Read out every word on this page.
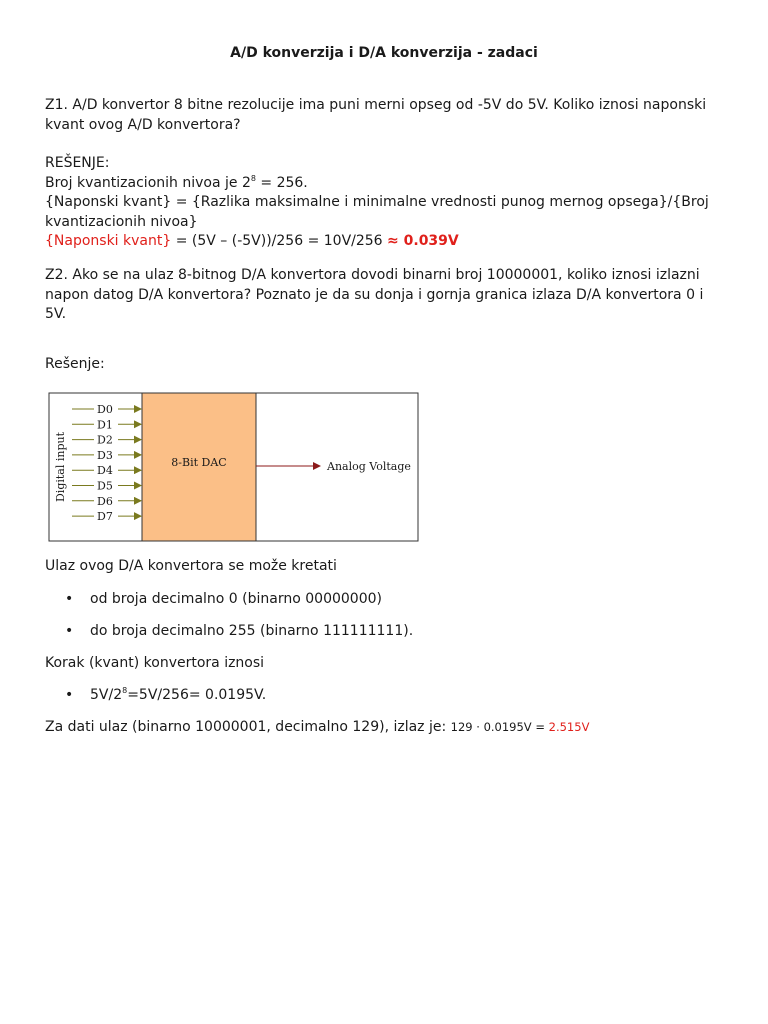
A/D konverzija i D/A konverzija - zadaci
Z1. A/D konvertor 8 bitne rezolucije ima puni merni opseg od -5V do 5V. Koliko iznosi naponski kvant ovog A/D konvertora?
REŠENJE:
Broj kvantizacionih nivoa je $2^8 = 256$.
{Naponski kvant} = {Razlika maksimalne i minimalne vrednosti punog mernog opsega}/{Broj kvantizacionih nivoa}
{Naponski kvant} = (5V – (-5V))/256 = 10V/256 ≈ 0.039V
Z2. Ako se na ulaz 8-bitnog D/A konvertora dovodi binarni broj 10000001, koliko iznosi izlazni napon datog D/A konvertora? Poznato je da su donja i gornja granica izlaza D/A konvertora 0 i 5V.
Rešenje:
8-Bit DAC
Digital input
D0
D1
D2
D3
D4
D5
D6
D7
Analog Voltage
Ulaz ovog D/A konvertora se može kretati
• od broja decimalno 0 (binarno 00000000)
• do broja decimalno 255 (binarno 111111111).
Korak (kvant) konvertora iznosi
• $5V/2^8=5V/256= 0.0195V$.
Za dati ulaz (binarno 10000001, decimalno 129), izlaz je: 129 · 0.0195V = 2.515V
